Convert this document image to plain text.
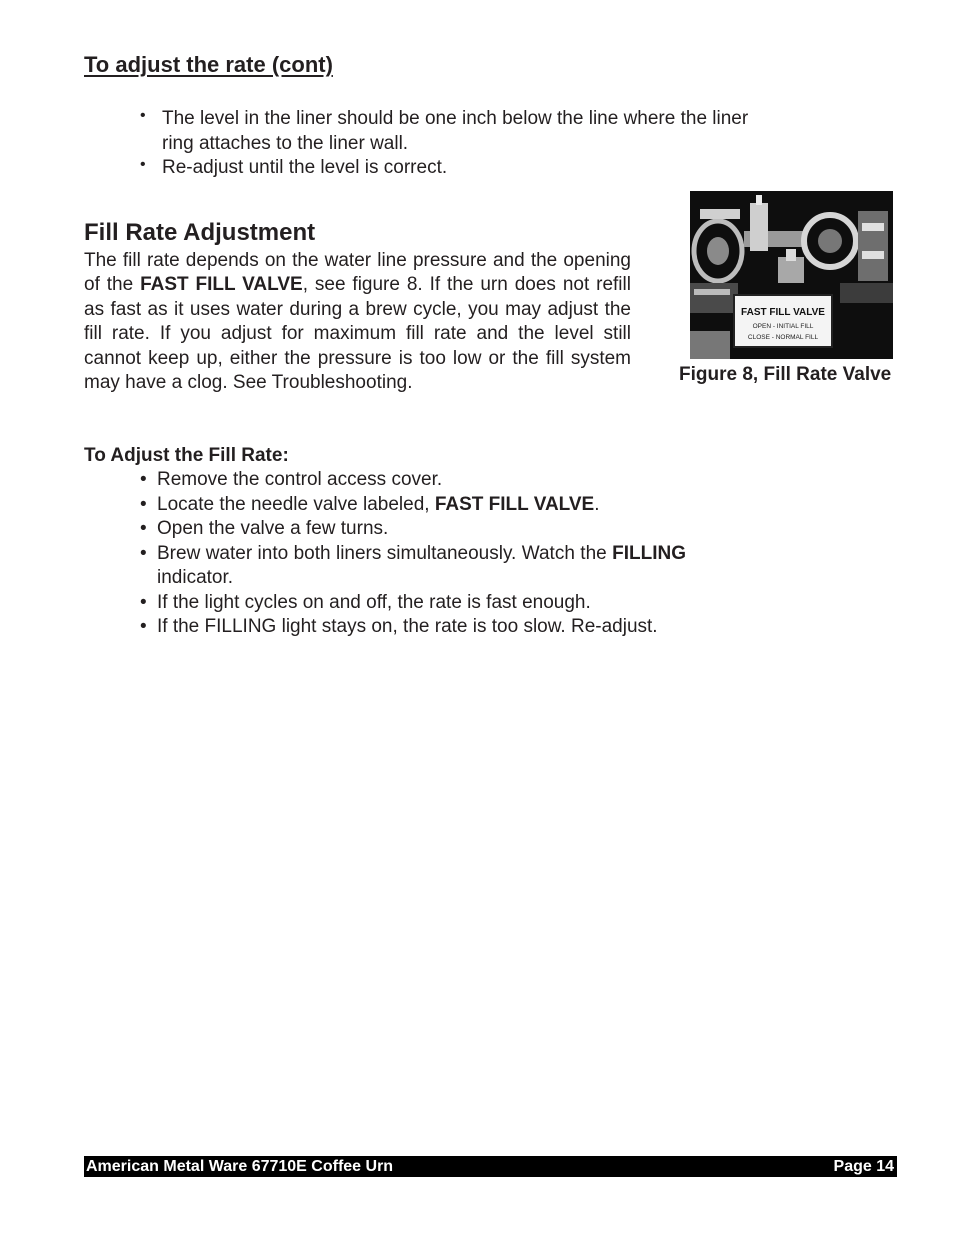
To adjust the rate (cont)
• The level in the liner should be one inch below the line where the liner ring attaches to the liner wall.
• Re-adjust until the level is correct.
Fill Rate Adjustment

The fill rate depends on the water line pressure and the opening of the FAST FILL VALVE, see figure 8. If the urn does not refill as fast as it uses water during a brew cycle, you may adjust the fill rate. If you adjust for maximum fill rate and the level still cannot keep up, either the pressure is too low or the fill system may have a clog. See Troubleshooting.

FAST FILL VALVE
OPEN - INITIAL FILL
CLOSE - NORMAL FILL

Figure 8, Fill Rate Valve

To Adjust the Fill Rate:
• Remove the control access cover.
• Locate the needle valve labeled, FAST FILL VALVE.
• Open the valve a few turns.
• Brew water into both liners simultaneously. Watch the FILLING indicator.
• If the light cycles on and off, the rate is fast enough.
• If the FILLING light stays on, the rate is too slow. Re-adjust.
American Metal Ware 67710E Coffee Urn	Page 14
